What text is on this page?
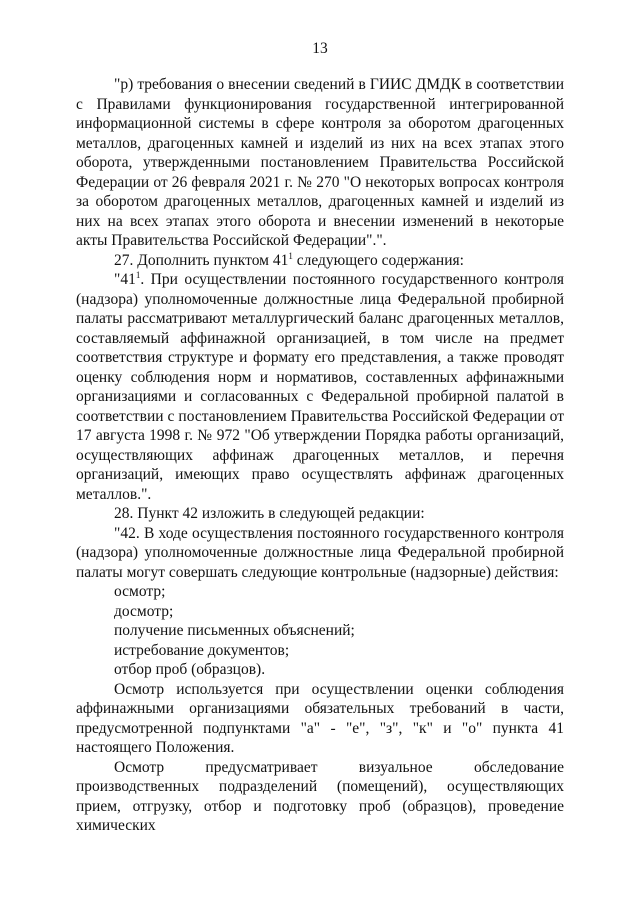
13

"р) требования о внесении сведений в ГИИС ДМДК в соответствии с Правилами функционирования государственной интегрированной информационной системы в сфере контроля за оборотом драгоценных металлов, драгоценных камней и изделий из них на всех этапах этого оборота, утвержденными постановлением Правительства Российской Федерации от 26 февраля 2021 г. № 270 "О некоторых вопросах контроля за оборотом драгоценных металлов, драгоценных камней и изделий из них на всех этапах этого оборота и внесении изменений в некоторые акты Правительства Российской Федерации".".

27. Дополнить пунктом $41^1$ следующего содержания:

"$41^1$. При осуществлении постоянного государственного контроля (надзора) уполномоченные должностные лица Федеральной пробирной палаты рассматривают металлургический баланс драгоценных металлов, составляемый аффинажной организацией, в том числе на предмет соответствия структуре и формату его представления, а также проводят оценку соблюдения норм и нормативов, составленных аффинажными организациями и согласованных с Федеральной пробирной палатой в соответствии с постановлением Правительства Российской Федерации от 17 августа 1998 г. № 972 "Об утверждении Порядка работы организаций, осуществляющих аффинаж драгоценных металлов, и перечня организаций, имеющих право осуществлять аффинаж драгоценных металлов.".

28. Пункт 42 изложить в следующей редакции:

"42. В ходе осуществления постоянного государственного контроля (надзора) уполномоченные должностные лица Федеральной пробирной палаты могут совершать следующие контрольные (надзорные) действия:

осмотр;

досмотр;

получение письменных объяснений;

истребование документов;

отбор проб (образцов).

Осмотр используется при осуществлении оценки соблюдения аффинажными организациями обязательных требований в части, предусмотренной подпунктами "а" - "е", "з", "к" и "о" пункта 41 настоящего Положения.

Осмотр предусматривает визуальное обследование производственных подразделений (помещений), осуществляющих прием, отгрузку, отбор и подготовку проб (образцов), проведение химических
